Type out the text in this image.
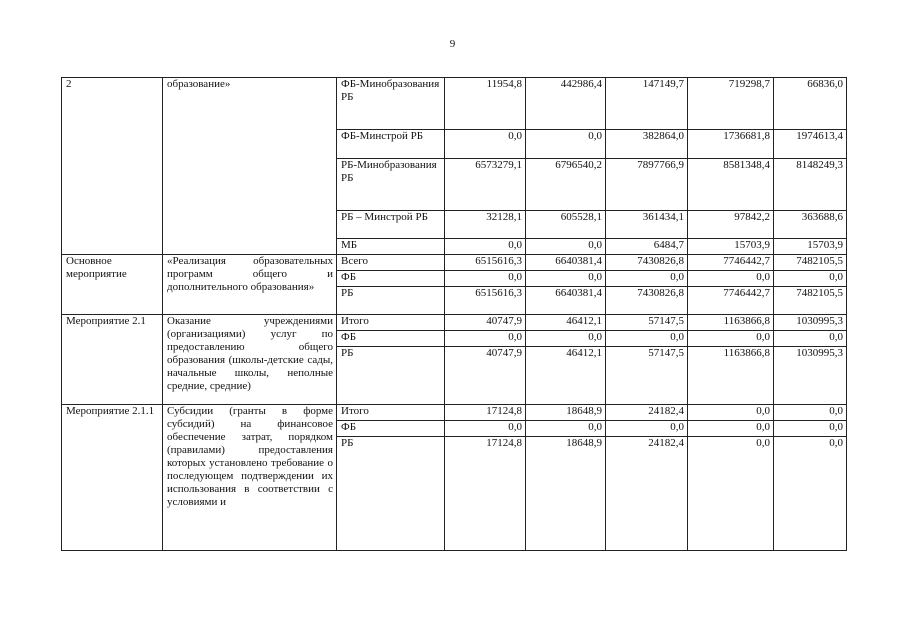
9
2	образование»	ФБ-Минобразования РБ	11954,8	442986,4	147149,7	719298,7	66836,0
		ФБ-Минстрой РБ	0,0	0,0	382864,0	1736681,8	1974613,4
		РБ-Минобразования РБ	6573279,1	6796540,2	7897766,9	8581348,4	8148249,3
		РБ – Минстрой РБ	32128,1	605528,1	361434,1	97842,2	363688,6
		МБ	0,0	0,0	6484,7	15703,9	15703,9
Основное мероприятие	«Реализация образовательных программ общего и дополнительного образования»	Всего	6515616,3	6640381,4	7430826,8	7746442,7	7482105,5
		ФБ	0,0	0,0	0,0	0,0	0,0
		РБ	6515616,3	6640381,4	7430826,8	7746442,7	7482105,5
Мероприятие 2.1	Оказание учреждениями (организациями) услуг по предоставлению общего образования (школы-детские сады, начальные школы, неполные средние, средние)	Итого	40747,9	46412,1	57147,5	1163866,8	1030995,3
		ФБ	0,0	0,0	0,0	0,0	0,0
		РБ	40747,9	46412,1	57147,5	1163866,8	1030995,3
Мероприятие 2.1.1	Субсидии (гранты в форме субсидий) на финансовое обеспечение затрат, порядком (правилами) предоставления которых установлено требование о последующем подтверждении их использования в соответствии с условиями и	Итого	17124,8	18648,9	24182,4	0,0	0,0
		ФБ	0,0	0,0	0,0	0,0	0,0
		РБ	17124,8	18648,9	24182,4	0,0	0,0
